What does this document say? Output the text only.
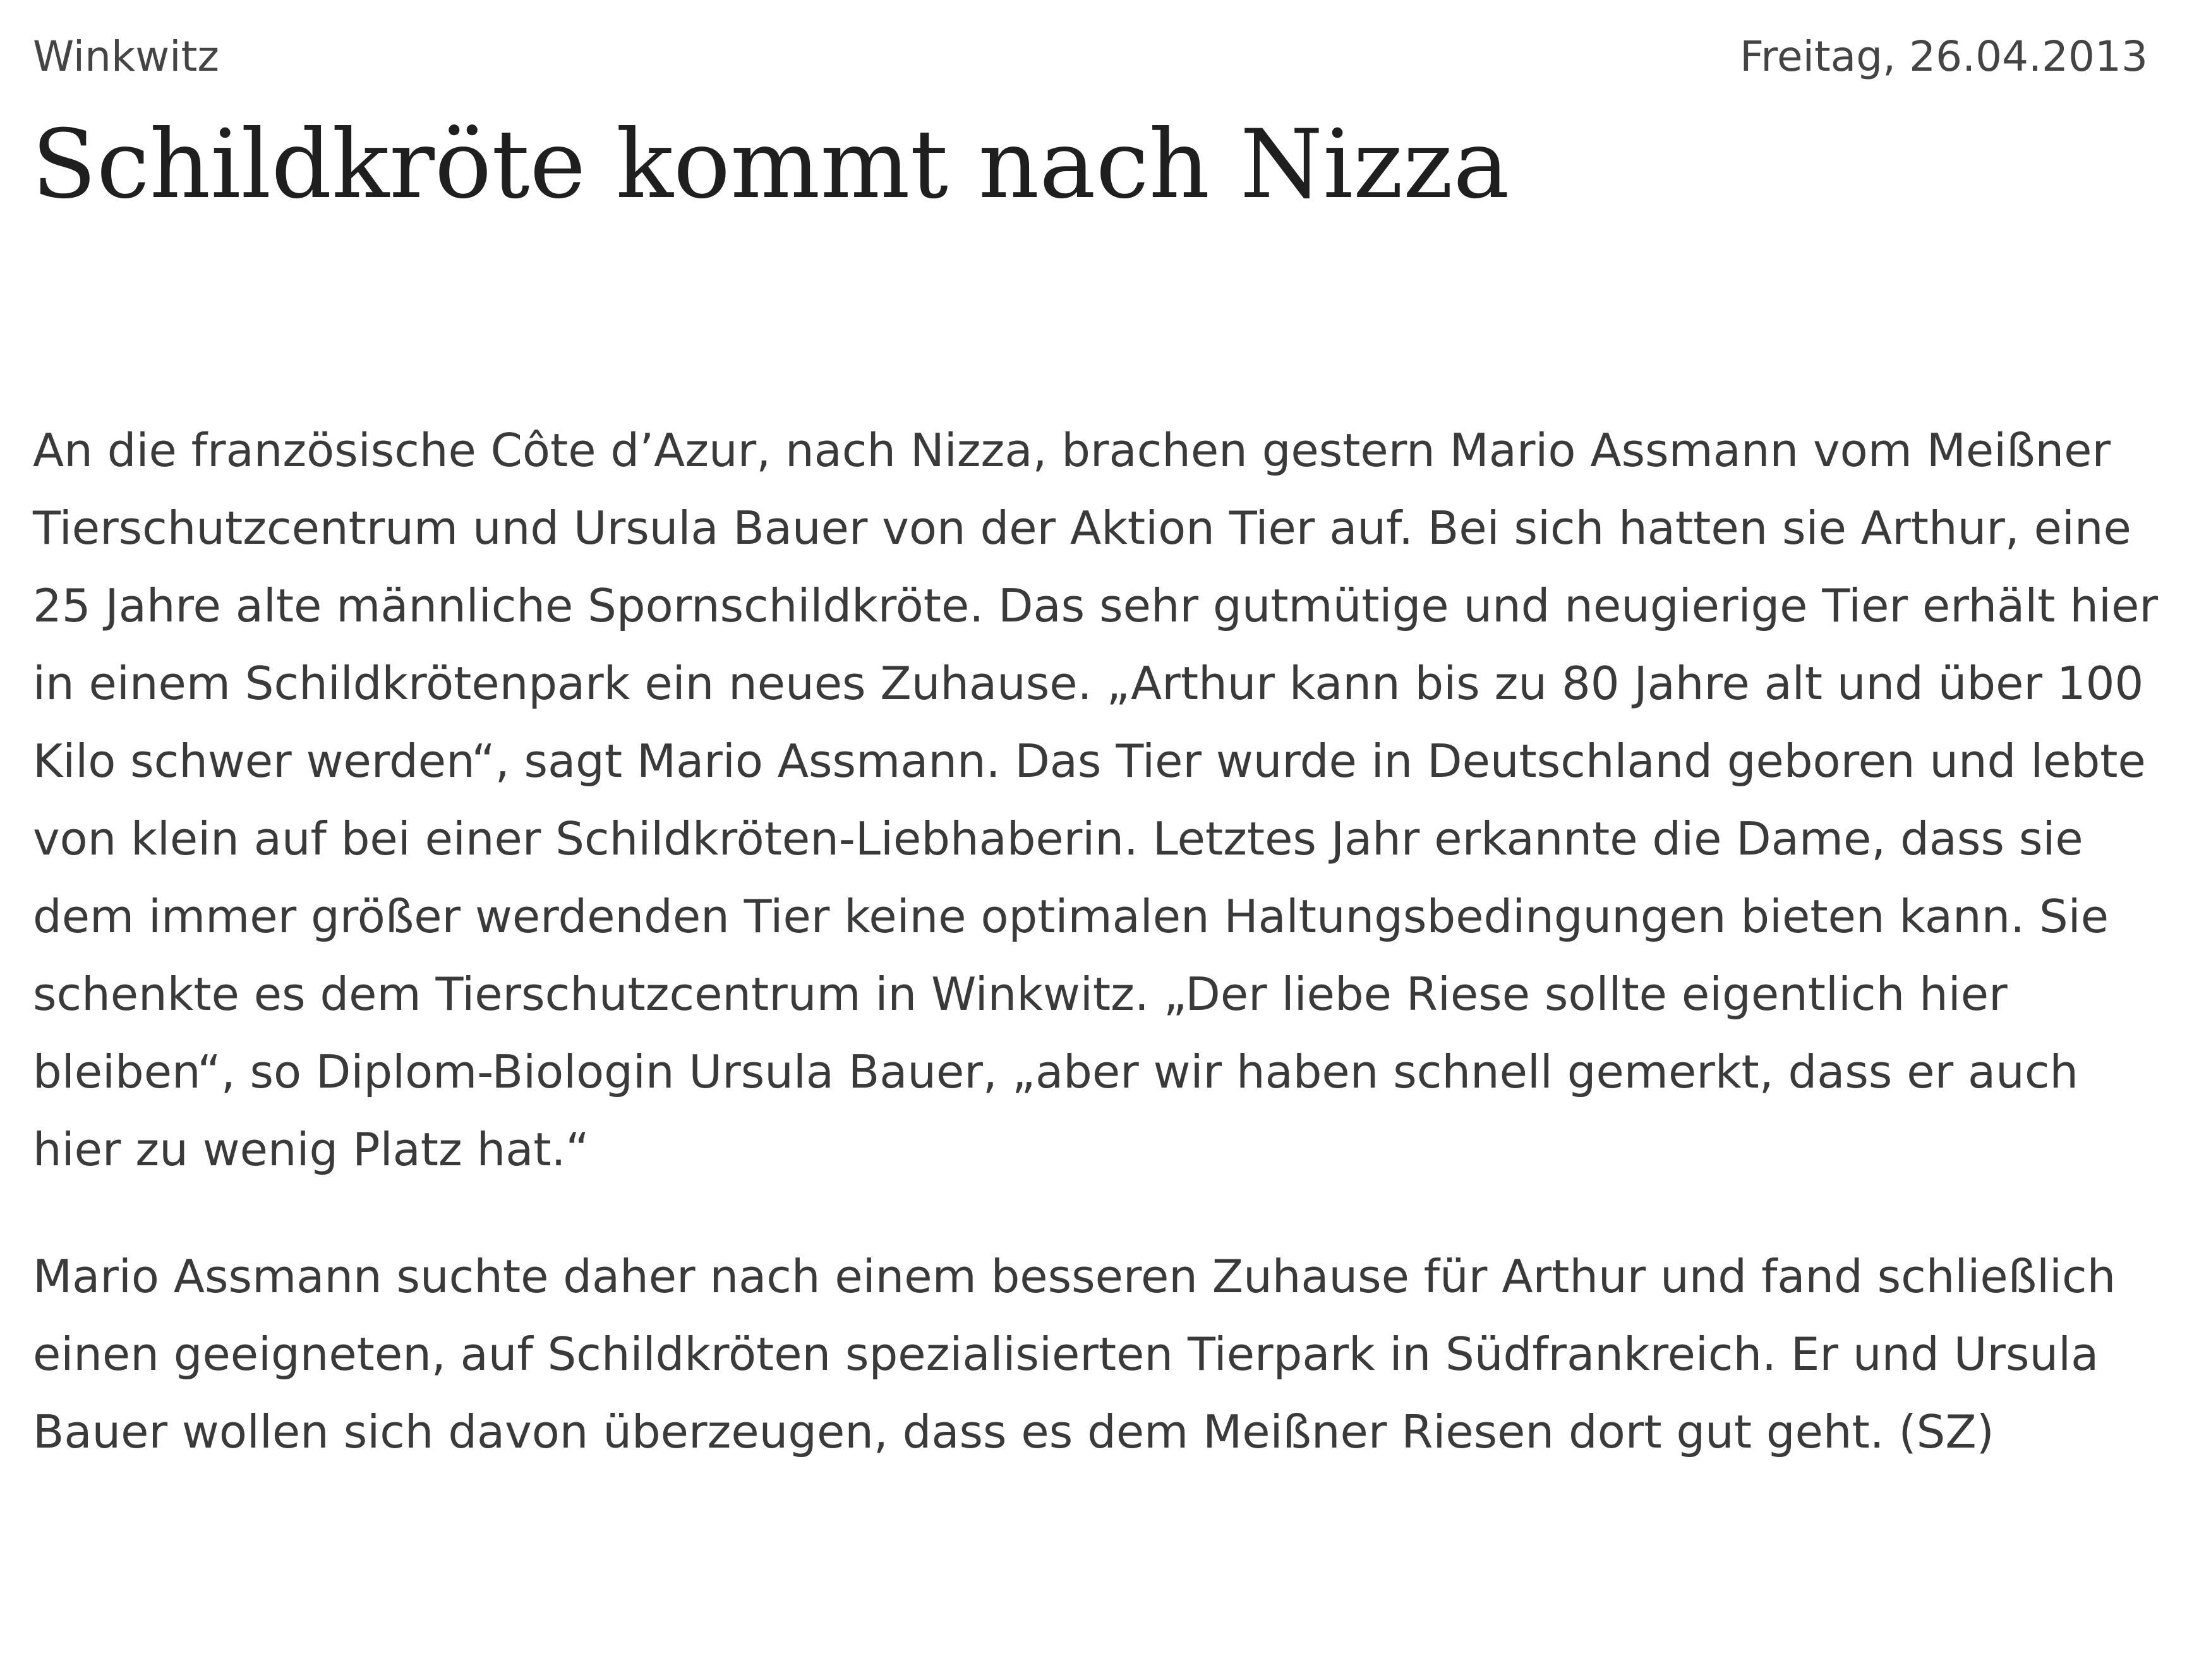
Winkwitz	Freitag, 26.04.2013
Schildkröte kommt nach Nizza

An die französische Côte d’Azur, nach Nizza, brachen gestern Mario Assmann vom Meißner Tierschutzcentrum und Ursula Bauer von der Aktion Tier auf. Bei sich hatten sie Arthur, eine 25 Jahre alte männliche Spornschildkröte. Das sehr gutmütige und neugierige Tier erhält hier in einem Schildkrötenpark ein neues Zuhause. „Arthur kann bis zu 80 Jahre alt und über 100 Kilo schwer werden“, sagt Mario Assmann. Das Tier wurde in Deutschland geboren und lebte von klein auf bei einer Schildkröten-Liebhaberin. Letztes Jahr erkannte die Dame, dass sie dem immer größer werdenden Tier keine optimalen Haltungsbedingungen bieten kann. Sie schenkte es dem Tierschutzcentrum in Winkwitz. „Der liebe Riese sollte eigentlich hier bleiben“, so Diplom-Biologin Ursula Bauer, „aber wir haben schnell gemerkt, dass er auch hier zu wenig Platz hat.“

Mario Assmann suchte daher nach einem besseren Zuhause für Arthur und fand schließlich einen geeigneten, auf Schildkröten spezialisierten Tierpark in Südfrankreich. Er und Ursula Bauer wollen sich davon überzeugen, dass es dem Meißner Riesen dort gut geht. (SZ)
